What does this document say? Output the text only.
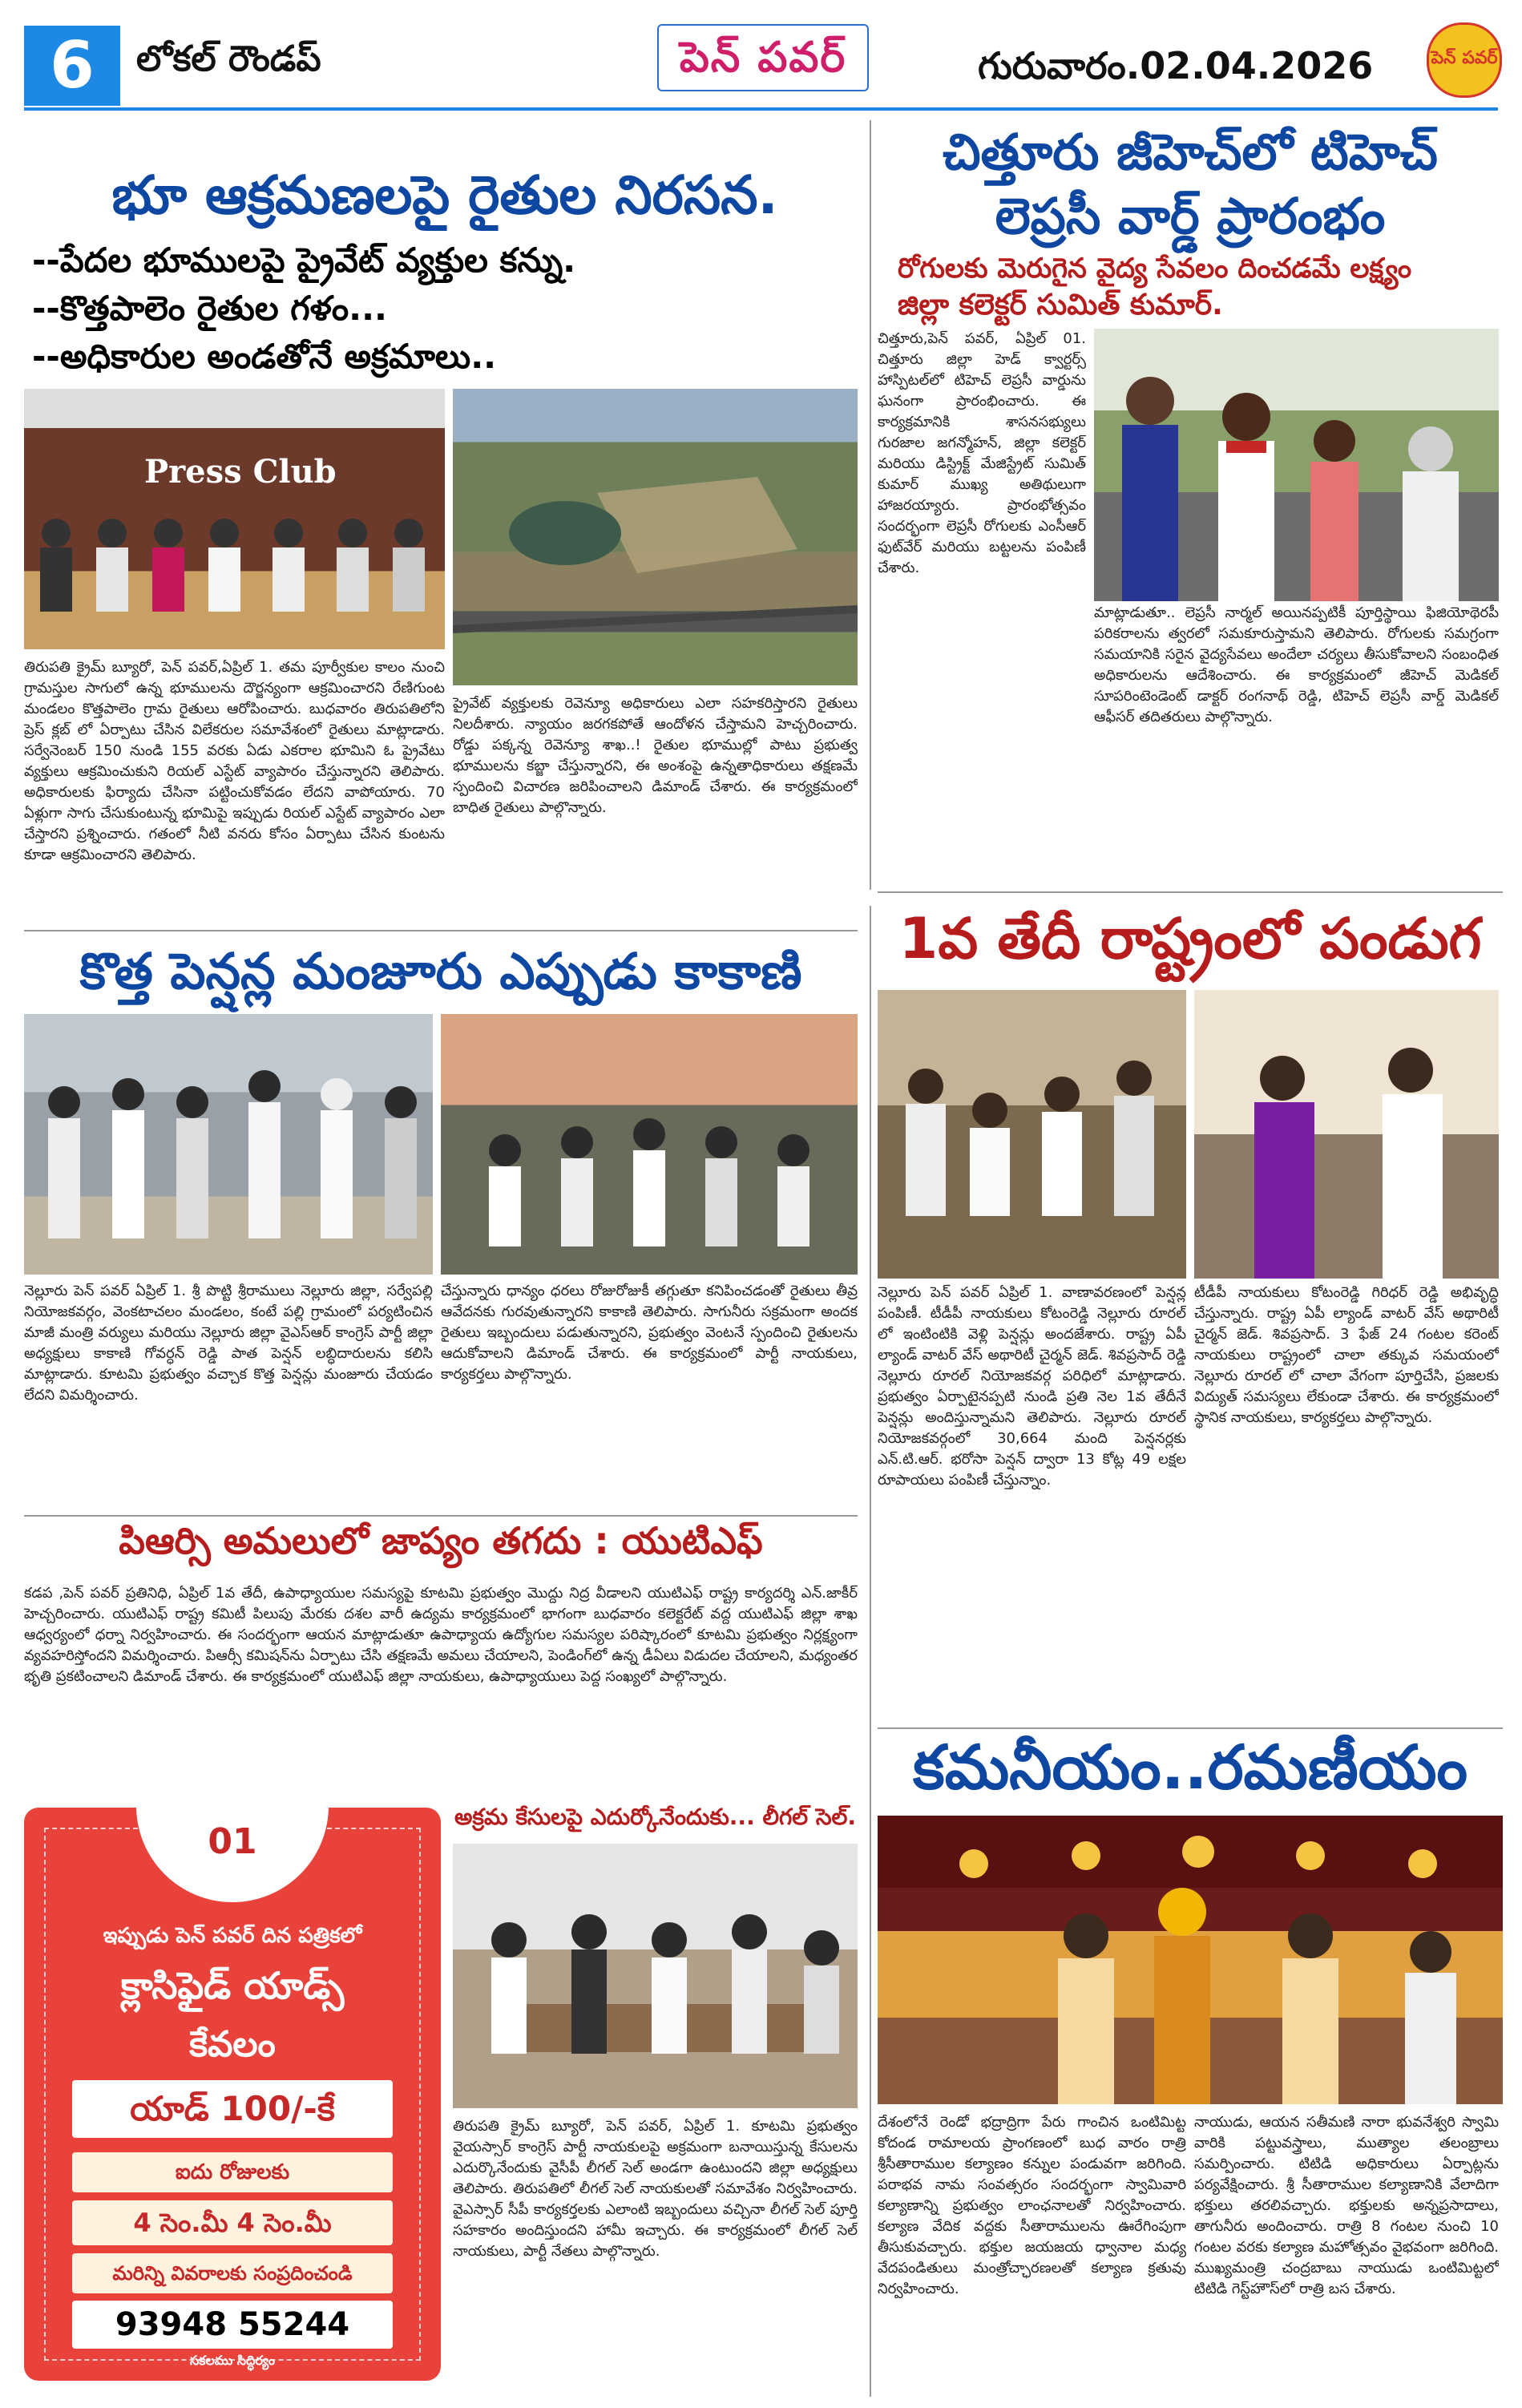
6	లోకల్ రౌండప్	పెన్ పవర్	గురువారం.02.04.2026	పెన్ పవర్
భూ ఆక్రమణలపై రైతుల నిరసన.
--పేదల భూములపై ప్రైవేట్ వ్యక్తుల కన్ను.
--కొత్తపాలెం రైతుల గళం...
--అధికారుల అండతోనే అక్రమాలు..
Press Club
తిరుపతి క్రైమ్ బ్యూరో, పెన్ పవర్,ఏప్రిల్ 1. తమ పూర్వీకుల కాలం నుంచి గ్రామస్తుల సాగులో ఉన్న భూములను దౌర్జన్యంగా ఆక్రమించారని రేణిగుంట మండలం కొత్తపాలెం గ్రామ రైతులు ఆరోపించారు. బుధవారం తిరుపతిలోని ప్రెస్ క్లబ్ లో ఏర్పాటు చేసిన విలేకరుల సమావేశంలో రైతులు మాట్లాడారు. సర్వేనెంబర్ 150 నుండి 155 వరకు ఏడు ఎకరాల భూమిని ఓ ప్రైవేటు వ్యక్తులు ఆక్రమించుకుని రియల్ ఎస్టేట్ వ్యాపారం చేస్తున్నారని తెలిపారు. అధికారులకు ఫిర్యాదు చేసినా పట్టించుకోవడం లేదని వాపోయారు. 70 ఏళ్లుగా సాగు చేసుకుంటున్న భూమిపై ఇప్పుడు రియల్ ఎస్టేట్ వ్యాపారం ఎలా చేస్తారని ప్రశ్నించారు. గతంలో నీటి వనరు కోసం ఏర్పాటు చేసిన కుంటను కూడా ఆక్రమించారని తెలిపారు.
ప్రైవేట్ వ్యక్తులకు రెవెన్యూ అధికారులు ఎలా సహకరిస్తారని రైతులు నిలదీశారు. న్యాయం జరగకపోతే ఆందోళన చేస్తామని హెచ్చరించారు. రోడ్డు పక్కన్న రెవెన్యూ శాఖ..! రైతుల భూముల్లో పాటు ప్రభుత్వ భూములను కబ్జా చేస్తున్నారని, ఈ అంశంపై ఉన్నతాధికారులు తక్షణమే స్పందించి విచారణ జరిపించాలని డిమాండ్ చేశారు. ఈ కార్యక్రమంలో బాధిత రైతులు పాల్గొన్నారు.
చిత్తూరు జీహెచ్‌లో టిహెచ్
లెప్రసీ వార్డ్ ప్రారంభం
రోగులకు మెరుగైన వైద్య సేవలం దించడమే లక్ష్యం
జిల్లా కలెక్టర్ సుమిత్ కుమార్.
చిత్తూరు,పెన్ పవర్, ఏప్రిల్ 01. చిత్తూరు జిల్లా హెడ్ క్వార్టర్స్ హాస్పిటల్‌లో టిహెచ్ లెప్రసీ వార్డును ఘనంగా ప్రారంభించారు. ఈ కార్యక్రమానికి శాసనసభ్యులు గురజాల జగన్మోహన్, జిల్లా కలెక్టర్ మరియు డిస్ట్రిక్ట్ మేజిస్ట్రేట్ సుమిత్ కుమార్ ముఖ్య అతిథులుగా హాజరయ్యారు. ప్రారంభోత్సవం సందర్భంగా లెప్రసీ రోగులకు ఎంసీఆర్ ఫుట్‌వేర్ మరియు బట్టలను పంపిణీ చేశారు.
మాట్లాడుతూ.. లెప్రసీ నార్మల్ అయినప్పటికీ పూర్తిస్థాయి ఫిజియోథెరపీ పరికరాలను త్వరలో సమకూరుస్తామని తెలిపారు. రోగులకు సమగ్రంగా సమయానికి సరైన వైద్యసేవలు అందేలా చర్యలు తీసుకోవాలని సంబంధిత అధికారులను ఆదేశించారు. ఈ కార్యక్రమంలో జీహెచ్ మెడికల్ సూపరింటెండెంట్ డాక్టర్ రంగనాథ్ రెడ్డి, టిహెచ్ లెప్రసీ వార్డ్ మెడికల్ ఆఫీసర్ తదితరులు పాల్గొన్నారు.
1వ తేదీ రాష్ట్రంలో పండుగ
నెల్లూరు పెన్ పవర్ ఏప్రిల్ 1. వాణావరణంలో పెన్షన్ల పంపిణీ. టీడీపీ నాయకులు కోటంరెడ్డి నెల్లూరు రూరల్ లో ఇంటింటికి వెళ్లి పెన్షన్లు అందజేశారు. రాష్ట్ర ఏపీ ల్యాండ్ వాటర్ వేస్ అథారిటీ చైర్మన్ జెడ్. శివప్రసాద్ రెడ్డి నెల్లూరు రూరల్ నియోజకవర్గ పరిధిలో మాట్లాడారు. ప్రభుత్వం ఏర్పాటైనప్పటి నుండి ప్రతి నెల 1వ తేదీనే పెన్షన్లు అందిస్తున్నామని తెలిపారు. నెల్లూరు రూరల్ నియోజకవర్గంలో 30,664 మంది పెన్షనర్లకు ఎన్.టి.ఆర్. భరోసా పెన్షన్ ద్వారా 13 కోట్ల 49 లక్షల రూపాయలు పంపిణీ చేస్తున్నాం.
టీడీపీ నాయకులు కోటంరెడ్డి గిరిధర్ రెడ్డి అభివృద్ధి చేస్తున్నారు. రాష్ట్ర ఏపీ ల్యాండ్ వాటర్ వేస్ అథారిటీ చైర్మన్ జెడ్. శివప్రసాద్. 3 ఫేజ్ 24 గంటల కరెంట్ నాయకులు రాష్ట్రంలో చాలా తక్కువ సమయంలో నెల్లూరు రూరల్ లో చాలా వేగంగా పూర్తిచేసి, ప్రజలకు విద్యుత్ సమస్యలు లేకుండా చేశారు. ఈ కార్యక్రమంలో స్థానిక నాయకులు, కార్యకర్తలు పాల్గొన్నారు.
కొత్త పెన్షన్ల మంజూరు ఎప్పుడు కాకాణి
నెల్లూరు పెన్ పవర్ ఏప్రిల్ 1. శ్రీ పొట్టి శ్రీరాములు నెల్లూరు జిల్లా, సర్వేపల్లి నియోజకవర్గం, వెంకటాచలం మండలం, కంటే పల్లి గ్రామంలో పర్యటించిన మాజీ మంత్రి వర్యులు మరియు నెల్లూరు జిల్లా వైఎస్ఆర్ కాంగ్రెస్ పార్టీ జిల్లా అధ్యక్షులు కాకాణి గోవర్ధన్ రెడ్డి పాత పెన్షన్ లబ్ధిదారులను కలిసి మాట్లాడారు. కూటమి ప్రభుత్వం వచ్చాక కొత్త పెన్షన్లు మంజూరు చేయడం లేదని విమర్శించారు.
చేస్తున్నారు ధాన్యం ధరలు రోజురోజుకీ తగ్గుతూ కనిపించడంతో రైతులు తీవ్ర ఆవేదనకు గురవుతున్నారని కాకాణి తెలిపారు. సాగునీరు సక్రమంగా అందక రైతులు ఇబ్బందులు పడుతున్నారని, ప్రభుత్వం వెంటనే స్పందించి రైతులను ఆదుకోవాలని డిమాండ్ చేశారు. ఈ కార్యక్రమంలో పార్టీ నాయకులు, కార్యకర్తలు పాల్గొన్నారు.
పిఆర్సి అమలులో జాప్యం తగదు : యుటిఎఫ్
కడప ,పెన్ పవర్ ప్రతినిధి, ఏప్రిల్ 1వ తేదీ, ఉపాధ్యాయుల సమస్యపై కూటమి ప్రభుత్వం మొద్దు నిద్ర వీడాలని యుటిఎఫ్ రాష్ట్ర కార్యదర్శి ఎన్.జాకీర్ హెచ్చరించారు. యుటిఎఫ్ రాష్ట్ర కమిటీ పిలుపు మేరకు దశల వారీ ఉద్యమ కార్యక్రమంలో భాగంగా బుధవారం కలెక్టరేట్ వద్ద యుటిఎఫ్ జిల్లా శాఖ ఆధ్వర్యంలో ధర్నా నిర్వహించారు. ఈ సందర్భంగా ఆయన మాట్లాడుతూ ఉపాధ్యాయ ఉద్యోగుల సమస్యల పరిష్కారంలో కూటమి ప్రభుత్వం నిర్లక్ష్యంగా వ్యవహరిస్తోందని విమర్శించారు. పిఆర్సీ కమిషన్‌ను ఏర్పాటు చేసి తక్షణమే అమలు చేయాలని, పెండింగ్‌లో ఉన్న డీఏలు విడుదల చేయాలని, మధ్యంతర భృతి ప్రకటించాలని డిమాండ్ చేశారు. ఈ కార్యక్రమంలో యుటిఎఫ్ జిల్లా నాయకులు, ఉపాధ్యాయులు పెద్ద సంఖ్యలో పాల్గొన్నారు.
కమనీయం..రమణీయం
దేశంలోనే రెండో భద్రాద్రిగా పేరు గాంచిన ఒంటిమిట్ట కోదండ రామాలయ ప్రాంగణంలో బుధ వారం రాత్రి శ్రీసీతారాముల కల్యాణం కన్నుల పండువగా జరిగింది. పరాభవ నామ సంవత్సరం సందర్భంగా స్వామివారి కల్యాణాన్ని ప్రభుత్వం లాంఛనాలతో నిర్వహించారు. కల్యాణ వేదిక వద్దకు సీతారాములను ఊరేగింపుగా తీసుకువచ్చారు. భక్తుల జయజయ ధ్వానాల మధ్య వేదపండితులు మంత్రోచ్ఛారణలతో కల్యాణ క్రతువు నిర్వహించారు.
నాయుడు, ఆయన సతీమణి నారా భువనేశ్వరి స్వామి వారికి పట్టువస్త్రాలు, ముత్యాల తలంబ్రాలు సమర్పించారు. టిటిడి అధికారులు ఏర్పాట్లను పర్యవేక్షించారు. శ్రీ సీతారాముల కల్యాణానికి వేలాదిగా భక్తులు తరలివచ్చారు. భక్తులకు అన్నప్రసాదాలు, తాగునీరు అందించారు. రాత్రి 8 గంటల నుంచి 10 గంటల వరకు కల్యాణ మహోత్సవం వైభవంగా జరిగింది. ముఖ్యమంత్రి చంద్రబాబు నాయుడు ఒంటిమిట్టలో టిటిడి గెస్ట్‌హౌస్‌లో రాత్రి బస చేశారు.
01
ఇప్పుడు పెన్ పవర్ దిన పత్రికలో
క్లాసిఫైడ్ యాడ్స్
కేవలం
యాడ్ 100/-కే
ఐదు రోజులకు
4 సెం.మీ 4 సెం.మీ
మరిన్ని వివరాలకు సంప్రదించండి
93948 55244
సకలము సిద్ధిర్యం
అక్రమ కేసులపై ఎదుర్కోనేందుకు... లీగల్ సెల్.
తిరుపతి క్రైమ్ బ్యూరో, పెన్ పవర్, ఏప్రిల్ 1. కూటమి ప్రభుత్వం వైయస్సార్ కాంగ్రెస్ పార్టీ నాయకులపై అక్రమంగా బనాయిస్తున్న కేసులను ఎదుర్కొనేందుకు వైసీపీ లీగల్ సెల్ అండగా ఉంటుందని జిల్లా అధ్యక్షులు తెలిపారు. తిరుపతిలో లీగల్ సెల్ నాయకులతో సమావేశం నిర్వహించారు. వైఎస్సార్ సీపీ కార్యకర్తలకు ఎలాంటి ఇబ్బందులు వచ్చినా లీగల్ సెల్ పూర్తి సహకారం అందిస్తుందని హామీ ఇచ్చారు. ఈ కార్యక్రమంలో లీగల్ సెల్ నాయకులు, పార్టీ నేతలు పాల్గొన్నారు.
